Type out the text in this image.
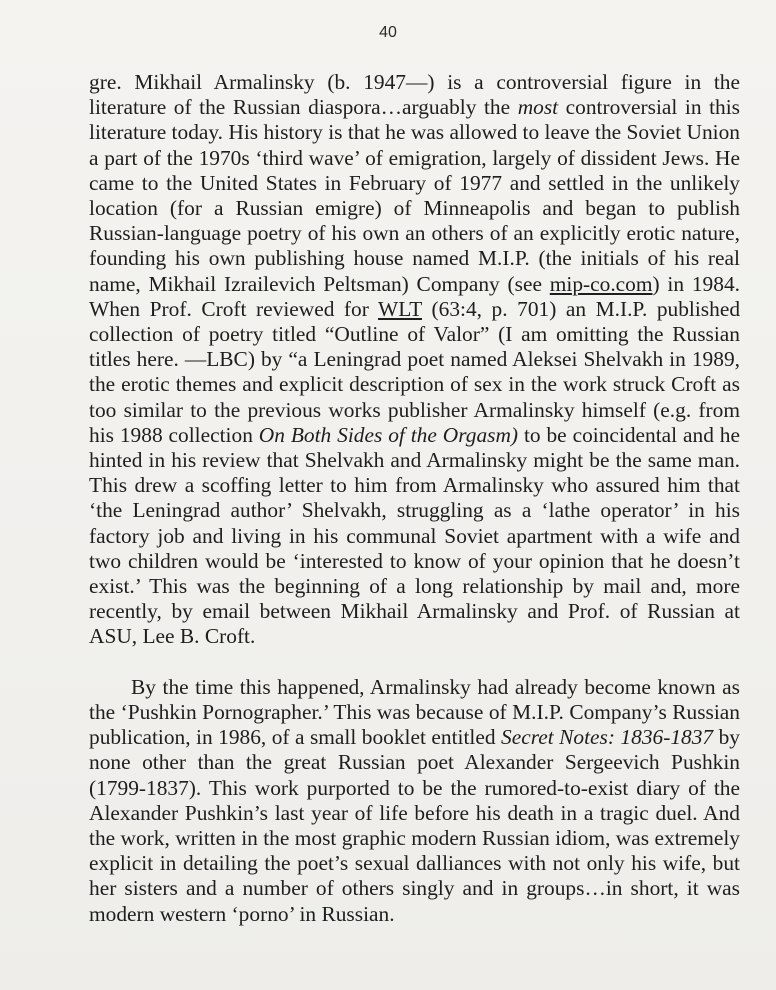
40

gre. Mikhail Armalinsky (b. 1947—) is a controversial figure in the literature of the Russian diaspora…arguably the most controversial in this literature today. His history is that he was allowed to leave the Soviet Union a part of the 1970s ‘third wave’ of emigration, largely of dissident Jews. He came to the United States in February of 1977 and settled in the unlikely location (for a Russian emigre) of Minneapolis and began to publish Russian-language poetry of his own an others of an explicitly erotic nature, founding his own publishing house named M.I.P. (the initials of his real name, Mikhail Izrailevich Peltsman) Company (see mip-co.com) in 1984. When Prof. Croft reviewed for WLT (63:4, p. 701) an M.I.P. published collection of poetry titled “Outline of Valor” (I am omitting the Russian titles here. —LBC) by “a Leningrad poet named Aleksei Shelvakh in 1989, the erotic themes and explicit description of sex in the work struck Croft as too similar to the previous works publisher Armalinsky himself (e.g. from his 1988 collection On Both Sides of the Orgasm) to be coincidental and he hinted in his review that Shelvakh and Armalinsky might be the same man. This drew a scoffing letter to him from Armalinsky who assured him that ‘the Leningrad author’ Shelvakh, struggling as a ‘lathe operator’ in his factory job and living in his communal Soviet apartment with a wife and two children would be ‘interested to know of your opinion that he doesn’t exist.’ This was the beginning of a long relationship by mail and, more recently, by email between Mikhail Armalinsky and Prof. of Russian at ASU, Lee B. Croft.

By the time this happened, Armalinsky had already become known as the ‘Pushkin Pornographer.’ This was because of M.I.P. Company’s Russian publication, in 1986, of a small booklet entitled Secret Notes: 1836-1837 by none other than the great Russian poet Alexander Sergeevich Pushkin (1799-1837). This work purported to be the rumored-to-exist diary of the Alexander Pushkin’s last year of life before his death in a tragic duel. And the work, written in the most graphic modern Russian idiom, was extremely explicit in detailing the poet’s sexual dalliances with not only his wife, but her sisters and a number of others singly and in groups…in short, it was modern western ‘porno’ in Russian.
